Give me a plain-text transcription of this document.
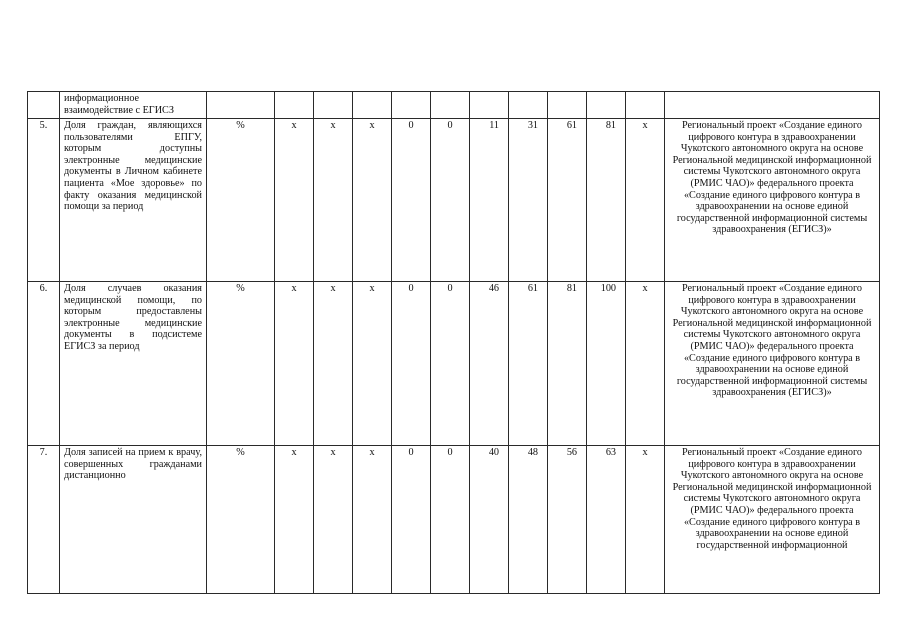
	информационное взаимодействие с ЕГИСЗ												
5.	Доля граждан, являющихся пользователями ЕПГУ, которым доступны электронные медицинские документы в Личном кабинете пациента «Мое здоровье» по факту оказания медицинской помощи за период	%	x	x	x	0	0	11	31	61	81	x	Региональный проект «Создание единого цифрового контура в здравоохранении Чукотского автономного округа на основе Региональной медицинской информационной системы Чукотского автономного округа (РМИС ЧАО)» федерального проекта «Создание единого цифрового контура в здравоохранении на основе единой государственной информационной системы здравоохранения (ЕГИСЗ)»
6.	Доля случаев оказания медицинской помощи, по которым предоставлены электронные медицинские документы в подсистеме ЕГИСЗ за период	%	x	x	x	0	0	46	61	81	100	x	Региональный проект «Создание единого цифрового контура в здравоохранении Чукотского автономного округа на основе Региональной медицинской информационной системы Чукотского автономного округа (РМИС ЧАО)» федерального проекта «Создание единого цифрового контура в здравоохранении на основе единой государственной информационной системы здравоохранения (ЕГИСЗ)»
7.	Доля записей на прием к врачу, совершенных гражданами дистанционно	%	x	x	x	0	0	40	48	56	63	x	Региональный проект «Создание единого цифрового контура в здравоохранении Чукотского автономного округа на основе Региональной медицинской информационной системы Чукотского автономного округа (РМИС ЧАО)» федерального проекта «Создание единого цифрового контура в здравоохранении на основе единой государственной информационной
